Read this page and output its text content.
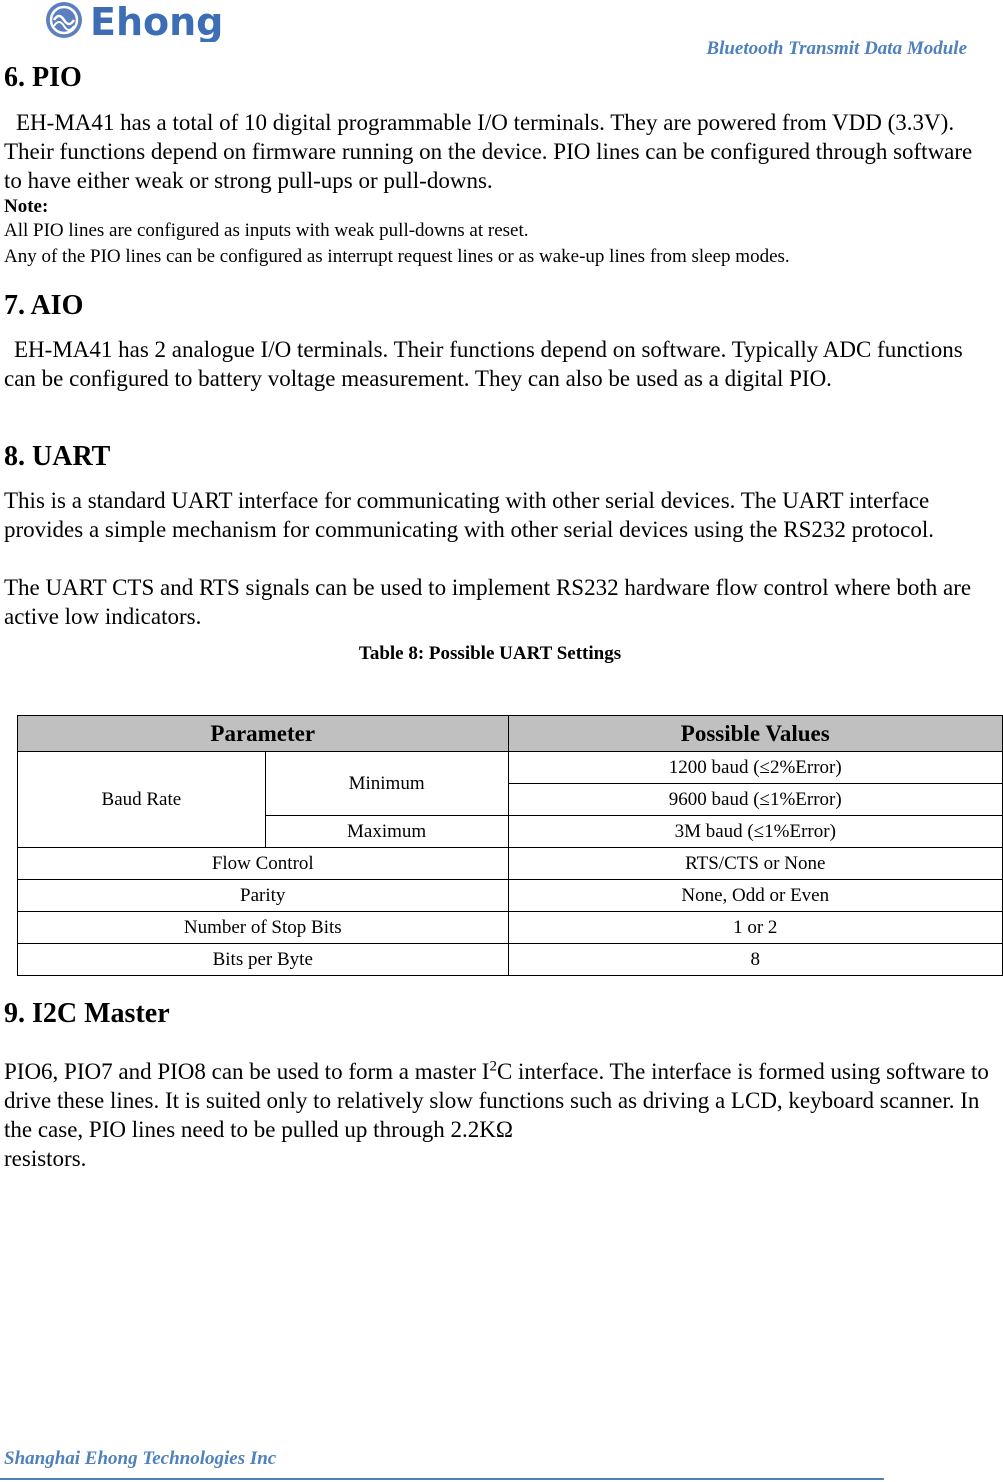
Ehong
Bluetooth Transmit Data Module
6. PIO

EH-MA41 has a total of 10 digital programmable I/O terminals. They are powered from VDD (3.3V). Their functions depend on firmware running on the device. PIO lines can be configured through software to have either weak or strong pull-ups or pull-downs.

Note:
All PIO lines are configured as inputs with weak pull-downs at reset.
Any of the PIO lines can be configured as interrupt request lines or as wake-up lines from sleep modes.
7. AIO

EH-MA41 has 2 analogue I/O terminals. Their functions depend on software. Typically ADC functions can be configured to battery voltage measurement. They can also be used as a digital PIO.

8. UART

This is a standard UART interface for communicating with other serial devices. The UART interface provides a simple mechanism for communicating with other serial devices using the RS232 protocol.

The UART CTS and RTS signals can be used to implement RS232 hardware flow control where both are active low indicators.

Table 8: Possible UART Settings
Parameter		Possible Values
Baud Rate	Minimum	1200 baud (≤2%Error)
		9600 baud (≤1%Error)
	Maximum	3M baud (≤1%Error)
Flow Control		RTS/CTS or None
Parity		None, Odd or Even
Number of Stop Bits		1 or 2
Bits per Byte		8
9. I2C Master

PIO6, PIO7 and PIO8 can be used to form a master $I^2C$ interface. The interface is formed using software to drive these lines. It is suited only to relatively slow functions such as driving a LCD, keyboard scanner. In the case, PIO lines need to be pulled up through 2.2KΩ
resistors.

Shanghai Ehong Technologies Inc
